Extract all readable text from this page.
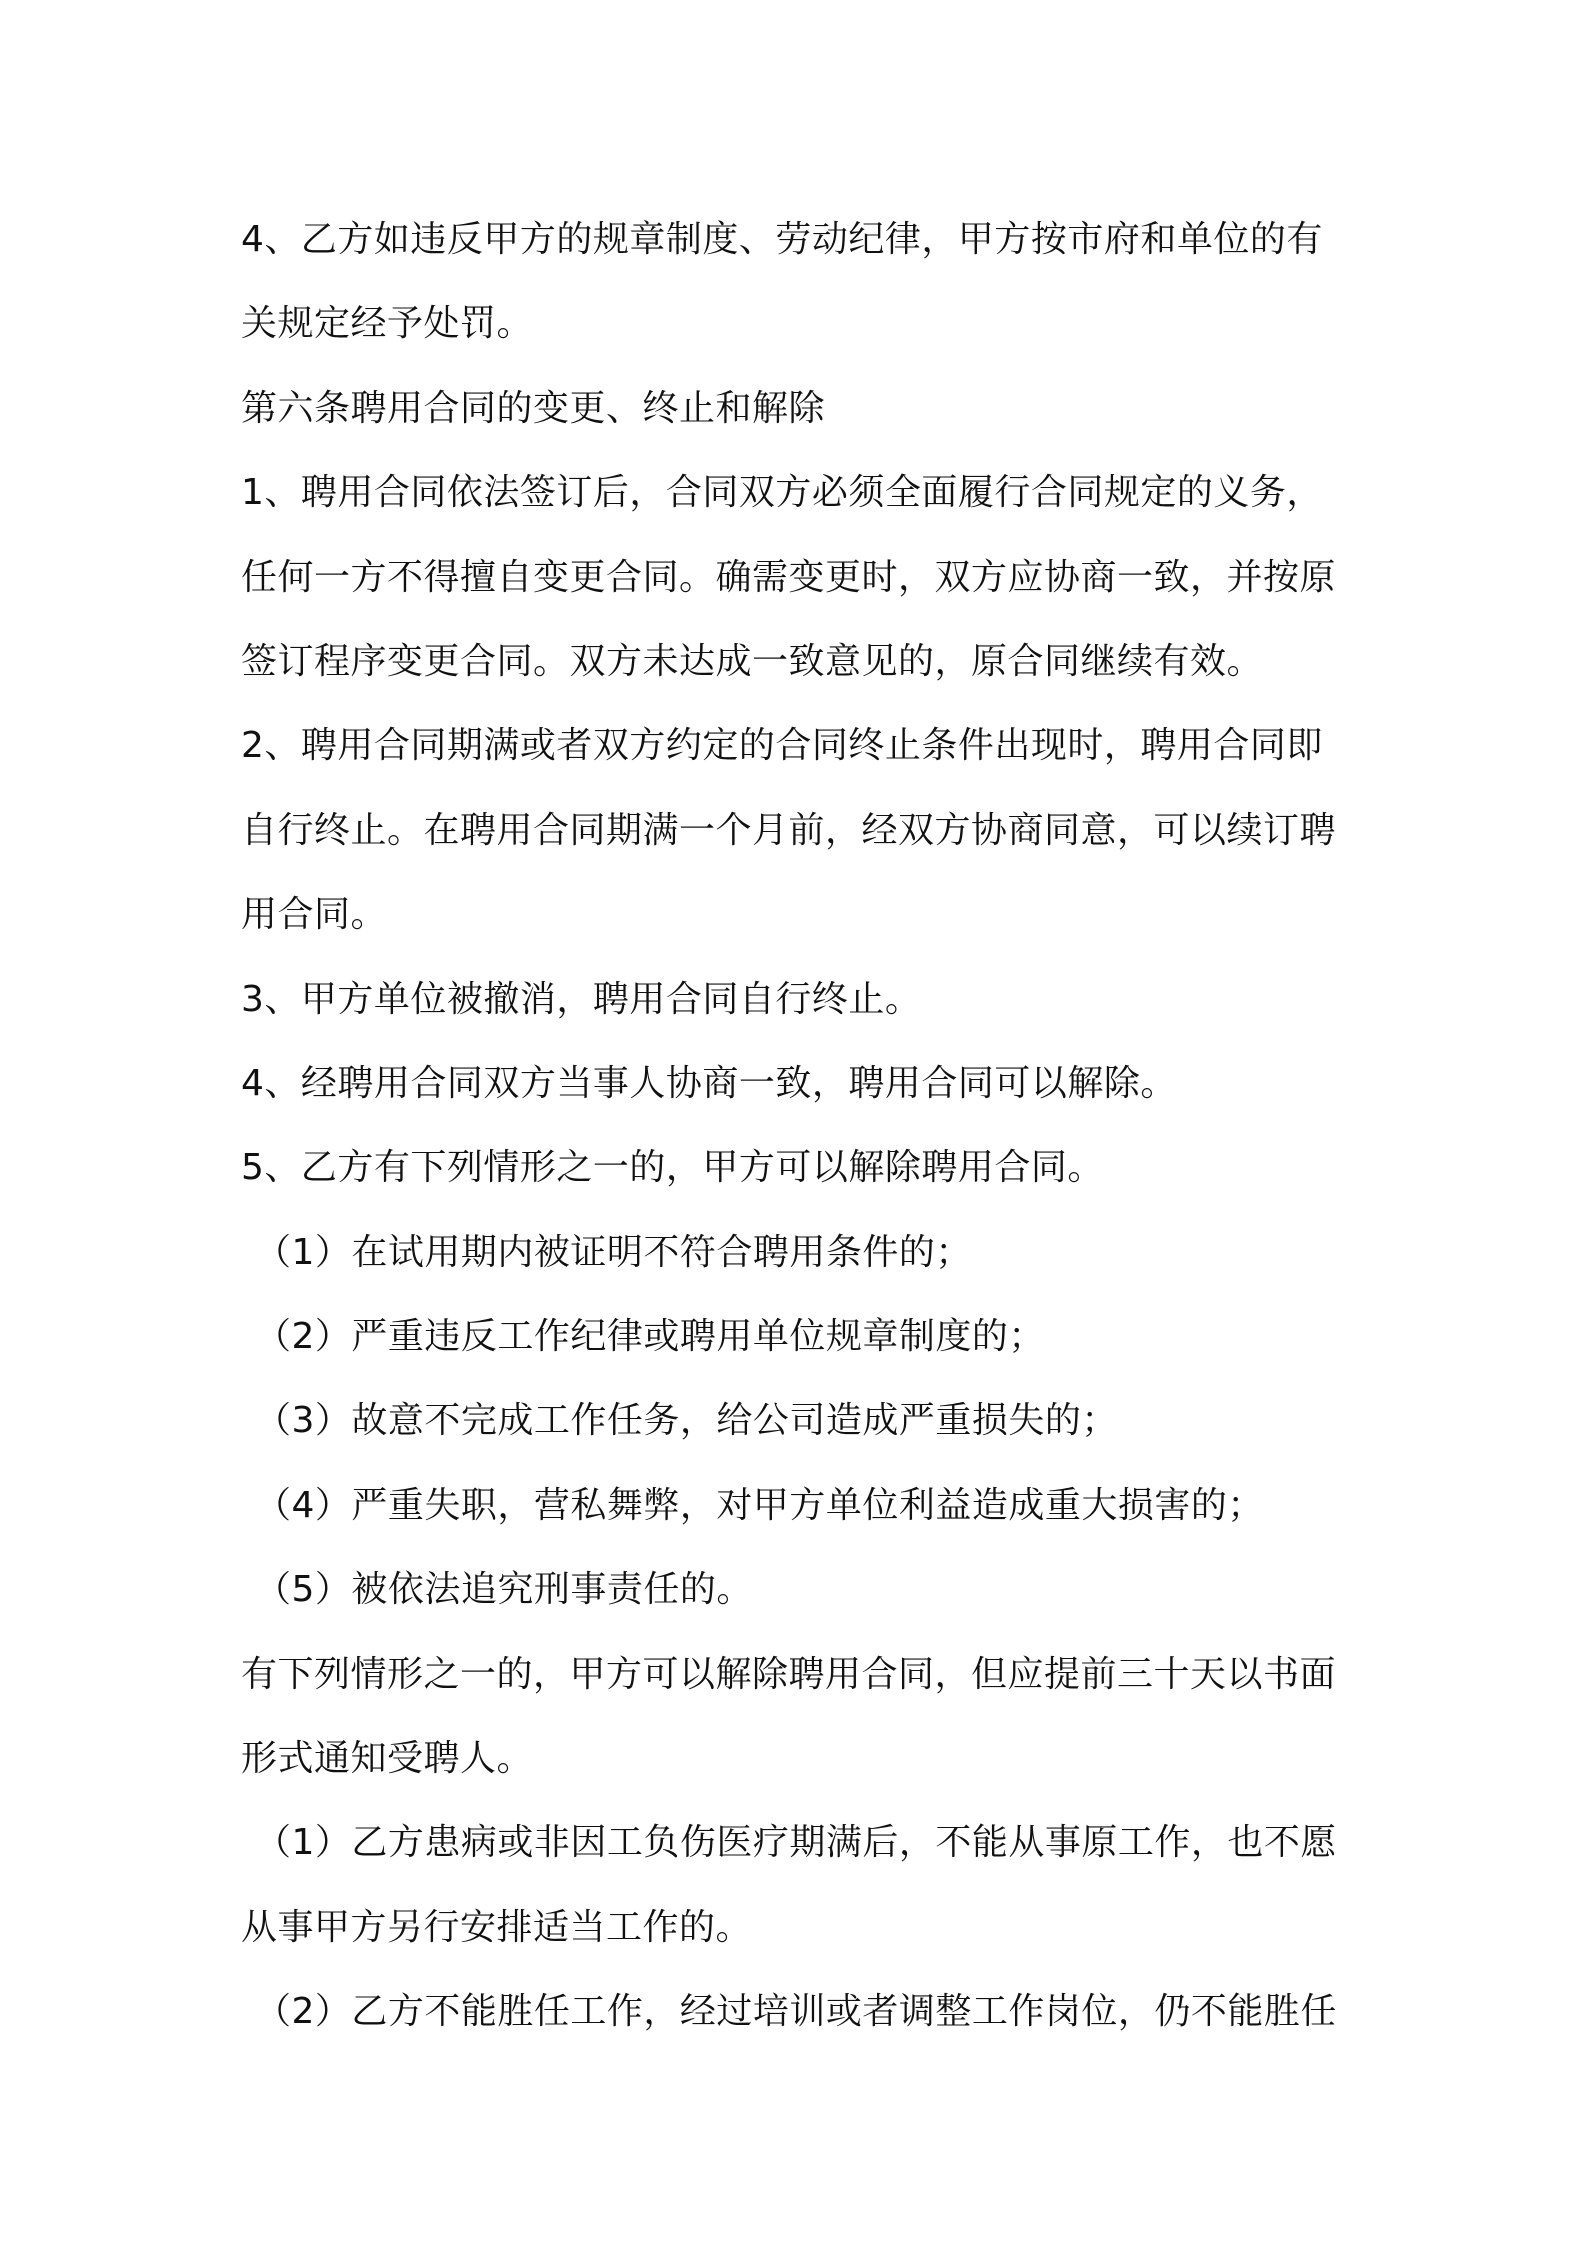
4、乙方如违反甲方的规章制度、劳动纪律，甲方按市府和单位的有
关规定经予处罚。
第六条聘用合同的变更、终止和解除
1、聘用合同依法签订后，合同双方必须全面履行合同规定的义务，
任何一方不得擅自变更合同。确需变更时，双方应协商一致，并按原
签订程序变更合同。双方未达成一致意见的，原合同继续有效。
2、聘用合同期满或者双方约定的合同终止条件出现时，聘用合同即
自行终止。在聘用合同期满一个月前，经双方协商同意，可以续订聘
用合同。
3、甲方单位被撤消，聘用合同自行终止。
4、经聘用合同双方当事人协商一致，聘用合同可以解除。
5、乙方有下列情形之一的，甲方可以解除聘用合同。
（1）在试用期内被证明不符合聘用条件的；
（2）严重违反工作纪律或聘用单位规章制度的；
（3）故意不完成工作任务，给公司造成严重损失的；
（4）严重失职，营私舞弊，对甲方单位利益造成重大损害的；
（5）被依法追究刑事责任的。
有下列情形之一的，甲方可以解除聘用合同，但应提前三十天以书面
形式通知受聘人。
（1）乙方患病或非因工负伤医疗期满后，不能从事原工作，也不愿
从事甲方另行安排适当工作的。
（2）乙方不能胜任工作，经过培训或者调整工作岗位，仍不能胜任
